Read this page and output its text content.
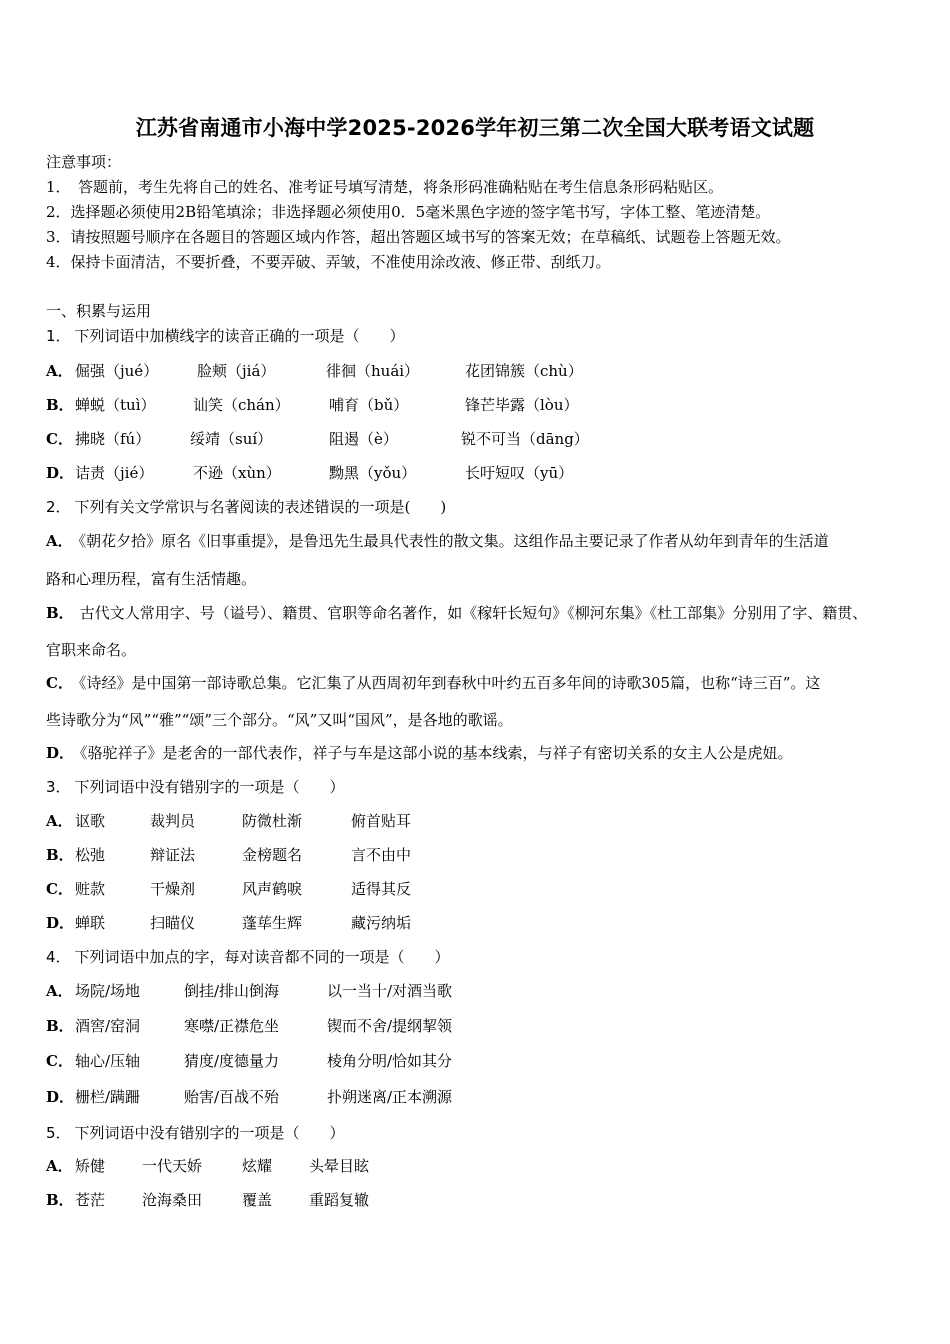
江苏省南通市小海中学2025-2026学年初三第二次全国大联考语文试题
注意事项：
1．　答题前，考生先将自己的姓名、准考证号填写清楚，将条形码准确粘贴在考生信息条形码粘贴区。
2．选择题必须使用2B铅笔填涂；非选择题必须使用0．5毫米黑色字迹的签字笔书写，字体工整、笔迹清楚。
3．请按照题号顺序在各题目的答题区域内作答，超出答题区域书写的答案无效；在草稿纸、试题卷上答题无效。
4．保持卡面清洁，不要折叠，不要弄破、弄皱，不准使用涂改液、修正带、刮纸刀。
一、积累与运用
1． 下列词语中加横线字的读音正确的一项是（　　）
A． 倔强（jué）	脸颊（jiá）	徘徊（huái）	花团锦簇（chù）
B． 蝉蜕（tuì）	讪笑（chán）	哺育（bǔ）	锋芒毕露（lòu）
C． 拂晓（fú）	绥靖（suí）	阻遏（è）	锐不可当（dāng）
D． 诘责（jié）	不逊（xùn）	黝黑（yǒu）	长吁短叹（yū）
2． 下列有关文学常识与名著阅读的表述错误的一项是(　　)
A． 《朝花夕拾》原名《旧事重提》，是鲁迅先生最具代表性的散文集。这组作品主要记录了作者从幼年到青年的生活道
路和心理历程，富有生活情趣。
B． 古代文人常用字、号（谥号）、籍贯、官职等命名著作，如《稼轩长短句》《柳河东集》《杜工部集》分别用了字、籍贯、
官职来命名。
C． 《诗经》是中国第一部诗歌总集。它汇集了从西周初年到春秋中叶约五百多年间的诗歌305篇，也称“诗三百”。这
些诗歌分为“风”“雅”“颂”三个部分。“风”又叫“国风”，是各地的歌谣。
D． 《骆驼祥子》是老舍的一部代表作，祥子与车是这部小说的基本线索，与祥子有密切关系的女主人公是虎妞。
3． 下列词语中没有错别字的一项是（　　）
A． 讴歌	裁判员	防微杜渐	俯首贴耳
B． 松弛	辩证法	金榜题名	言不由中
C． 赃款	干燥剂	风声鹤唳	适得其反
D． 蝉联	扫瞄仪	蓬荜生辉	藏污纳垢
4． 下列词语中加点的字，每对读音都不同的一项是（　　）
A． 场院/场地	倒挂/排山倒海	以一当十/对酒当歌
B． 酒窖/窑洞	寒噤/正襟危坐	锲而不舍/提纲挈领
C． 轴心/压轴	猜度/度德量力	棱角分明/恰如其分
D． 栅栏/蹒跚	贻害/百战不殆	扑朔迷离/正本溯源
5． 下列词语中没有错别字的一项是（　　）
A． 矫健 一代天娇	炫耀 头晕目眩
B． 苍茫 沧海桑田	覆盖 重蹈复辙
